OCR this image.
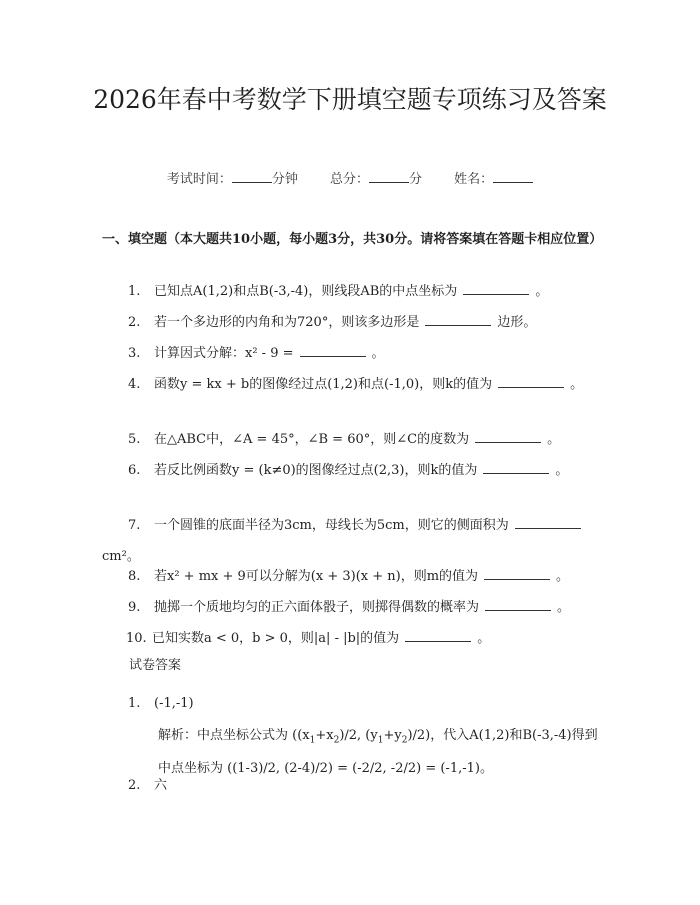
2026年春中考数学下册填空题专项练习及答案
考试时间：	分钟 总分：	分 姓名：
一、填空题（本大题共10小题，每小题3分，共30分。请将答案填在答题卡相应位置）
1. 已知点A(1,2)和点B(-3,-4)，则线段AB的中点坐标为	。
2. 若一个多边形的内角和为720°，则该多边形是	边形。
3. 计算因式分解：x² - 9 =	。
4. 函数y = kx + b的图像经过点(1,2)和点(-1,0)，则k的值为	。
5. 在△ABC中，∠A = 45°，∠B = 60°，则∠C的度数为	。
6. 若反比例函数y = (k≠0)的图像经过点(2,3)，则k的值为	。
7. 一个圆锥的底面半径为3cm，母线长为5cm，则它的侧面积为cm²。
8. 若x² + mx + 9可以分解为(x + 3)(x + n)，则m的值为	。
9. 抛掷一个质地均匀的正六面体骰子，则掷得偶数的概率为	。
10. 已知实数a < 0，b > 0，则|a| - |b|的值为	。
试卷答案
1. (-1,-1)
解析：中点坐标公式为 ($(x_1+x_2)/2$, $(y_1+y_2)/2$)，代入A(1,2)和B(-3,-4)得到中点坐标为 ((1-3)/2, (2-4)/2) = (-2/2, -2/2) = (-1,-1)。
2. 六
